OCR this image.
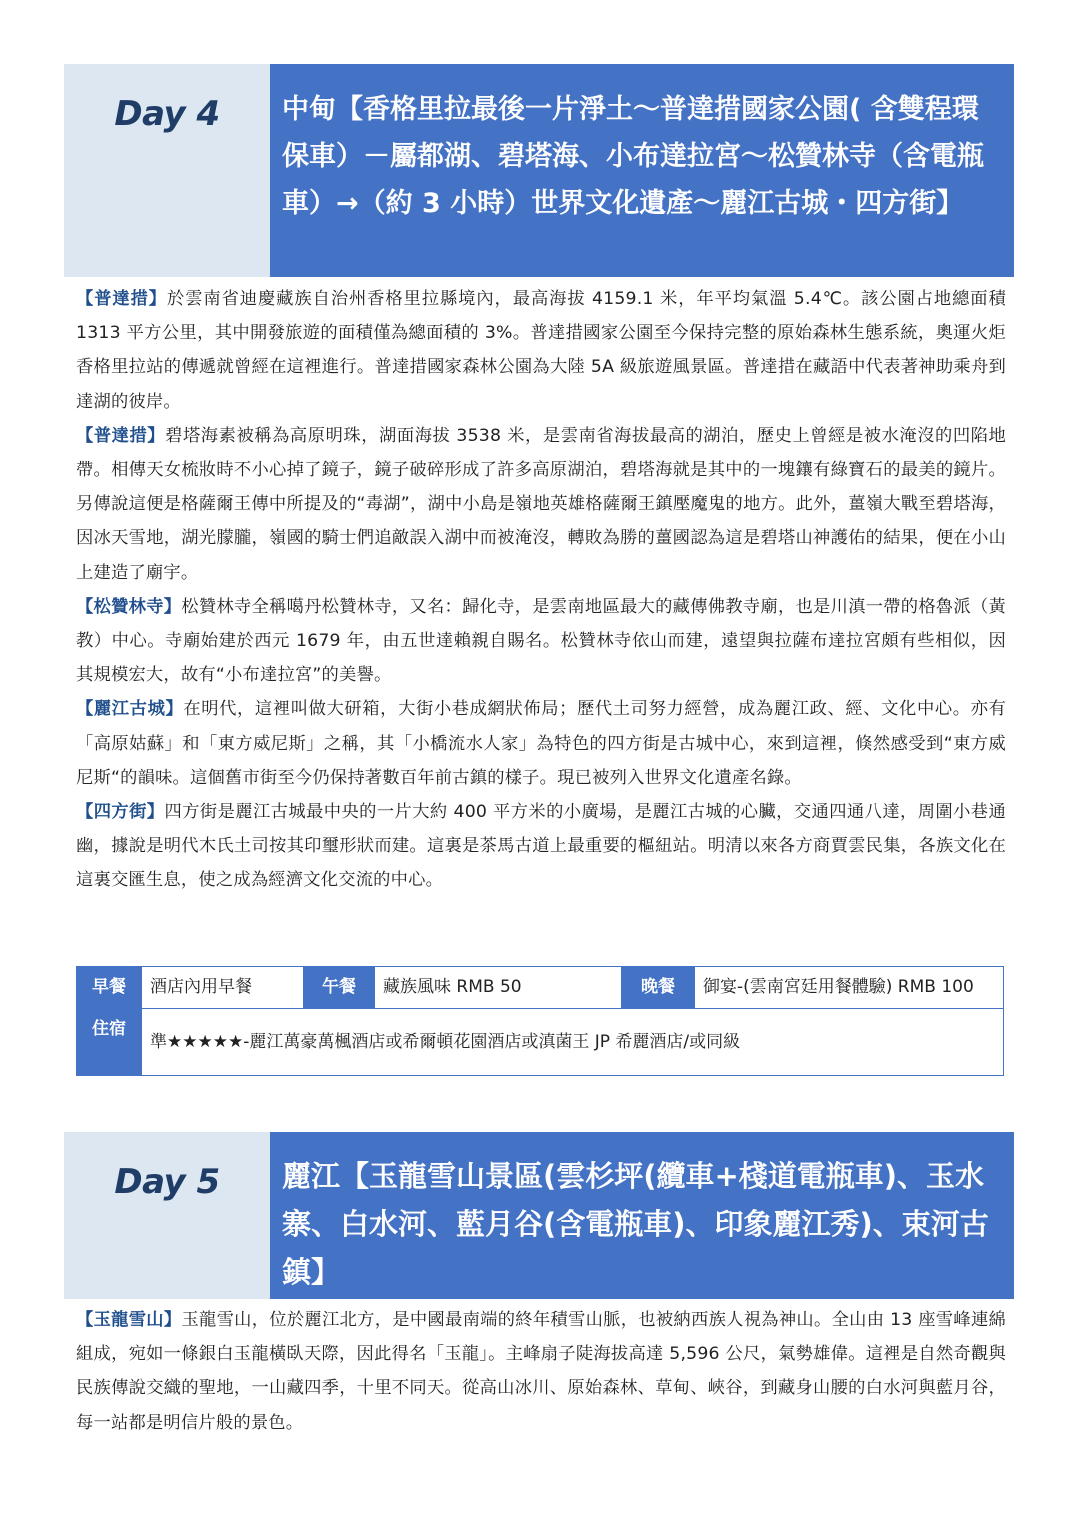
Day 4	中甸【香格里拉最後一片淨土～普達措國家公園( 含雙程環保車）－屬都湖、碧塔海、小布達拉宮～松贊林寺（含電瓶車）→（約 3 小時）世界文化遺產～麗江古城・四方街】

【普達措】於雲南省迪慶藏族自治州香格里拉縣境內，最高海拔 4159.1 米，年平均氣溫 5.4℃。該公園占地總面積 1313 平方公里，其中開發旅遊的面積僅為總面積的 3%。普達措國家公園至今保持完整的原始森林生態系統，奧運火炬香格里拉站的傳遞就曾經在這裡進行。普達措國家森林公園為大陸 5A 級旅遊風景區。普達措在藏語中代表著神助乘舟到達湖的彼岸。

【普達措】碧塔海素被稱為高原明珠，湖面海拔 3538 米，是雲南省海拔最高的湖泊，歷史上曾經是被水淹沒的凹陷地帶。相傳天女梳妝時不小心掉了鏡子，鏡子破碎形成了許多高原湖泊，碧塔海就是其中的一塊鑲有綠寶石的最美的鏡片。另傳說這便是格薩爾王傳中所提及的“毒湖”，湖中小島是嶺地英雄格薩爾王鎮壓魔鬼的地方。此外，薑嶺大戰至碧塔海，因冰天雪地，湖光朦朧，嶺國的騎士們追敵誤入湖中而被淹沒，轉敗為勝的薑國認為這是碧塔山神護佑的結果，便在小山上建造了廟宇。

【松贊林寺】松贊林寺全稱噶丹松贊林寺，又名：歸化寺，是雲南地區最大的藏傳佛教寺廟，也是川滇一帶的格魯派（黃教）中心。寺廟始建於西元 1679 年，由五世達賴親自賜名。松贊林寺依山而建，遠望與拉薩布達拉宮頗有些相似，因其規模宏大，故有“小布達拉宮”的美譽。

【麗江古城】在明代，這裡叫做大研箱，大街小巷成網狀佈局；歷代土司努力經營，成為麗江政、經、文化中心。亦有「高原姑蘇」和「東方威尼斯」之稱，其「小橋流水人家」為特色的四方街是古城中心，來到這裡，倏然感受到“東方威尼斯“的韻味。這個舊市街至今仍保持著數百年前古鎮的樣子。現已被列入世界文化遺產名錄。

【四方街】四方街是麗江古城最中央的一片大約 400 平方米的小廣場，是麗江古城的心臟，交通四通八達，周圍小巷通幽，據說是明代木氏土司按其印璽形狀而建。這裏是茶馬古道上最重要的樞紐站。明清以來各方商賈雲民集，各族文化在這裏交匯生息，使之成為經濟文化交流的中心。

早餐	酒店內用早餐	午餐	藏族風味 RMB 50	晚餐	御宴-(雲南宮廷用餐體驗) RMB 100
住宿	準★★★★★-麗江萬豪萬楓酒店或希爾頓花園酒店或滇菌王 JP 希麗酒店/或同級				
Day 5	麗江【玉龍雪山景區(雲杉坪(纜車+棧道電瓶車)、玉水寨、白水河、藍月谷(含電瓶車)、印象麗江秀)、束河古鎮】

【玉龍雪山】玉龍雪山，位於麗江北方，是中國最南端的終年積雪山脈，也被納西族人視為神山。全山由 13 座雪峰連綿組成，宛如一條銀白玉龍橫臥天際，因此得名「玉龍」。主峰扇子陡海拔高達 5,596 公尺，氣勢雄偉。這裡是自然奇觀與民族傳說交織的聖地，一山藏四季，十里不同天。從高山冰川、原始森林、草甸、峽谷，到藏身山腰的白水河與藍月谷，每一站都是明信片般的景色。
